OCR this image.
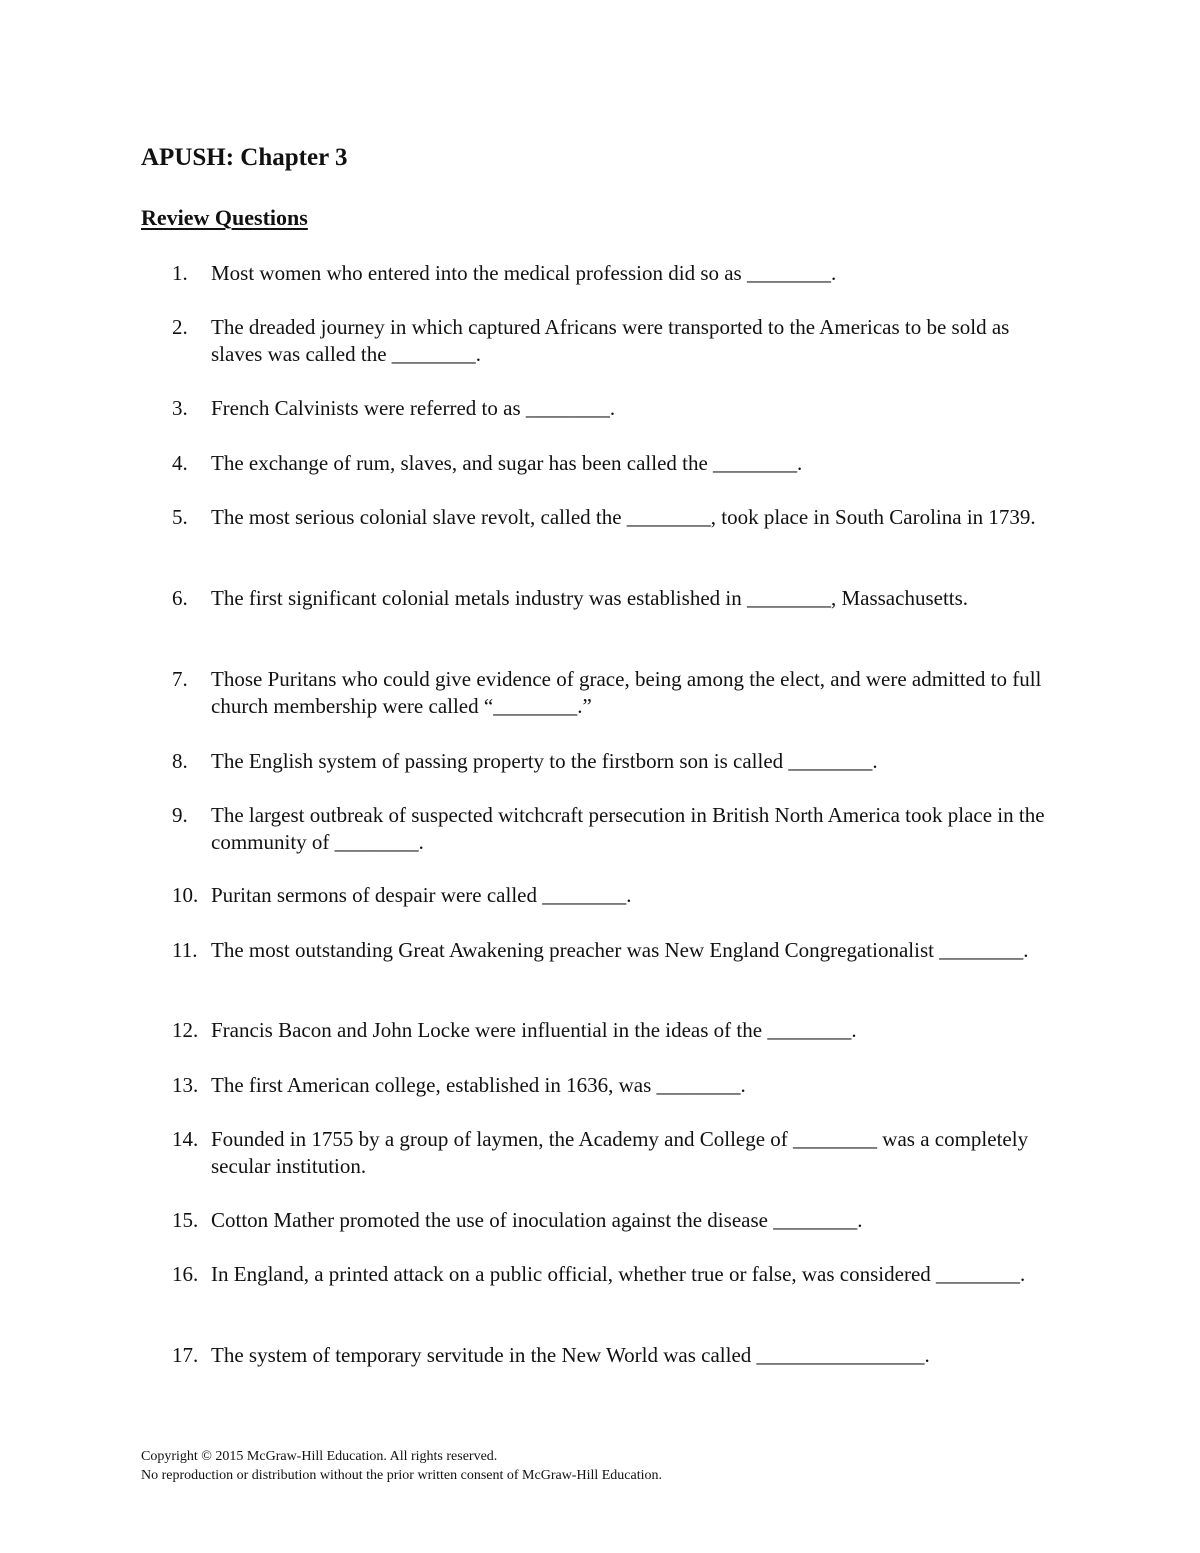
APUSH: Chapter 3
Review Questions
1.	Most women who entered into the medical profession did so as ________.
2.	The dreaded journey in which captured Africans were transported to the Americas to be sold as slaves was called the ________.
3.	French Calvinists were referred to as ________.
4.	The exchange of rum, slaves, and sugar has been called the ________.
5.	The most serious colonial slave revolt, called the ________, took place in South Carolina in 1739.
6.	The first significant colonial metals industry was established in ________, Massachusetts.
7.	Those Puritans who could give evidence of grace, being among the elect, and were admitted to full church membership were called “________.”
8.	The English system of passing property to the firstborn son is called ________.
9.	The largest outbreak of suspected witchcraft persecution in British North America took place in the community of ________.
10. Puritan sermons of despair were called ________.
11. The most outstanding Great Awakening preacher was New England Congregationalist ________.
12. Francis Bacon and John Locke were influential in the ideas of the ________.
13. The first American college, established in 1636, was ________.
14. Founded in 1755 by a group of laymen, the Academy and College of ________ was a completely secular institution.
15. Cotton Mather promoted the use of inoculation against the disease ________.
16. In England, a printed attack on a public official, whether true or false, was considered ________.
17. The system of temporary servitude in the New World was called ________________.

Copyright © 2015 McGraw-Hill Education. All rights reserved.

No reproduction or distribution without the prior written consent of McGraw-Hill Education.
